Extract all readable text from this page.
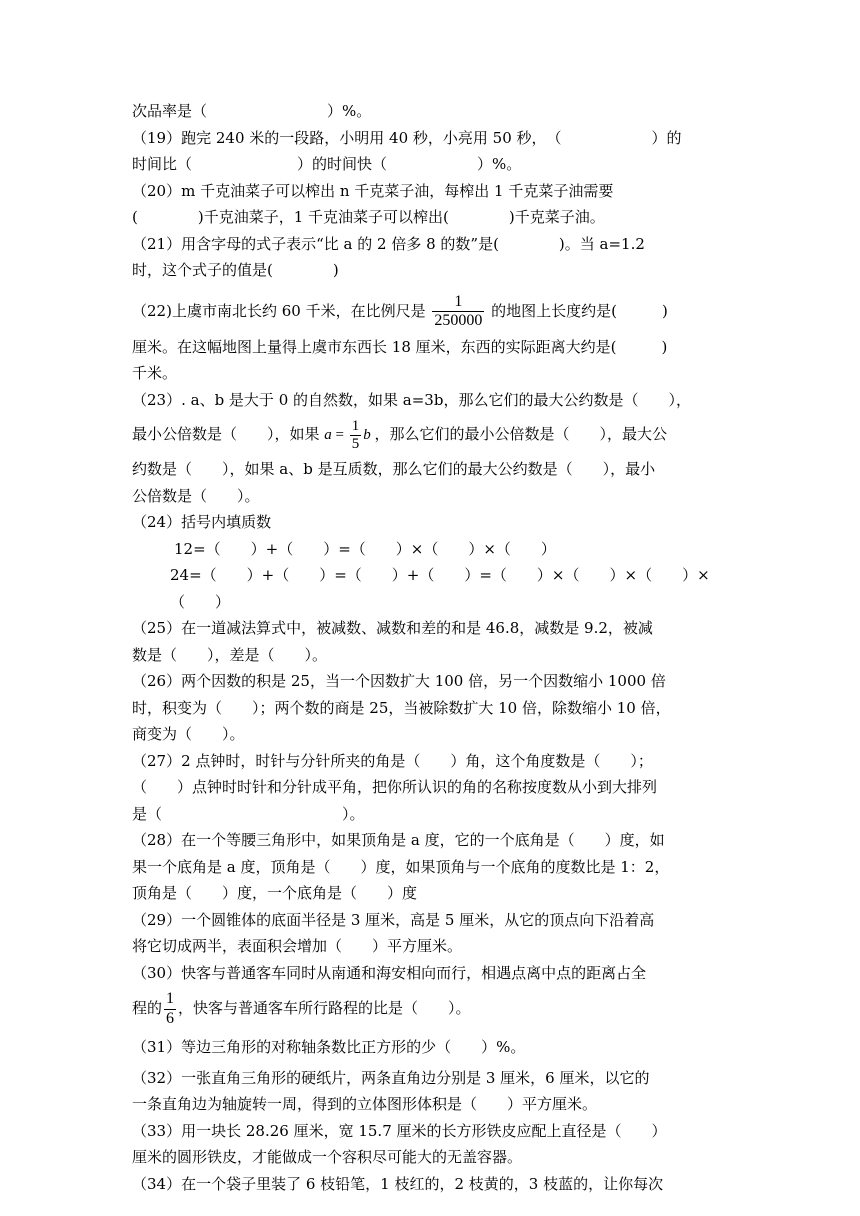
次品率是（　　　　　　　　）%。

（19）跑完 240 米的一段路，小明用 40 秒，小亮用 50 秒，　（　　　　　　）的

时间比（　　　　　　　）的时间快（　　　　　　）%。

（20）m 千克油菜子可以榨出 n 千克菜子油，每榨出 1 千克菜子油需要

(　　　　)千克油菜子，1 千克油菜子可以榨出(　　　　)千克菜子油。

（21）用含字母的式子表示“比 a 的 2 倍多 8 的数”是(　　　　)。当 a=1.2

时，这个式子的值是(　　　　)

（22)上虞市南北长约 60 千米，在比例尺是 $\frac{1}{250000}$ 的地图上长度约是(　　　)

厘米。在这幅地图上量得上虞市东西长 18 厘米，东西的实际距离大约是(　　　)

千米。

（23）. a、b 是大于 0 的自然数，如果 a=3b，那么它们的最大公约数是（　　），

最小公倍数是（　　），如果 $a = \frac{1}{5}$ b ，那么它们的最小公倍数是（　　），最大公

约数是（　　），如果 a、b 是互质数，那么它们的最大公约数是（　　），最小

公倍数是（　　）。

（24）括号内填质数

12=（　　）+（　　）=（　　）×（　　）×（　　）

24=（　　）+（　　）=（　　）+（　　）=（　　）×（　　）×（　　）×（　　）

（25）在一道减法算式中，被减数、减数和差的和是 46.8，减数是 9.2，被减

数是（　　），差是（　　）。

（26）两个因数的积是 25，当一个因数扩大 100 倍，另一个因数缩小 1000 倍

时，积变为（　　）；两个数的商是 25，当被除数扩大 10 倍，除数缩小 10 倍，

商变为（　　）。

（27）2 点钟时，时针与分针所夹的角是（　　）角，这个角度数是（　　）；

（　　）点钟时时针和分针成平角，把你所认识的角的名称按度数从小到大排列

是（　　　　　　　　　　　　）。

（28）在一个等腰三角形中，如果顶角是 a 度，它的一个底角是（　　）度，如

果一个底角是 a 度，顶角是（　　）度，如果顶角与一个底角的度数比是 1：2，

顶角是（　　）度，一个底角是（　　）度

（29）一个圆锥体的底面半径是 3 厘米，高是 5 厘米，从它的顶点向下沿着高

将它切成两半，表面积会增加（　　）平方厘米。

（30）快客与普通客车同时从南通和海安相向而行，相遇点离中点的距离占全

程的 $\frac{1}{6}$ ，快客与普通客车所行路程的比是（　　）。

（31）等边三角形的对称轴条数比正方形的少（　　）%。

（32）一张直角三角形的硬纸片，两条直角边分别是 3 厘米，6 厘米，以它的

一条直角边为轴旋转一周，得到的立体图形体积是（　　）平方厘米。

（33）用一块长 28.26 厘米，宽 15.7 厘米的长方形铁皮应配上直径是（　　）

厘米的圆形铁皮，才能做成一个容积尽可能大的无盖容器。

（34）在一个袋子里装了 6 枝铅笔，1 枝红的，2 枝黄的，3 枝蓝的，让你每次
